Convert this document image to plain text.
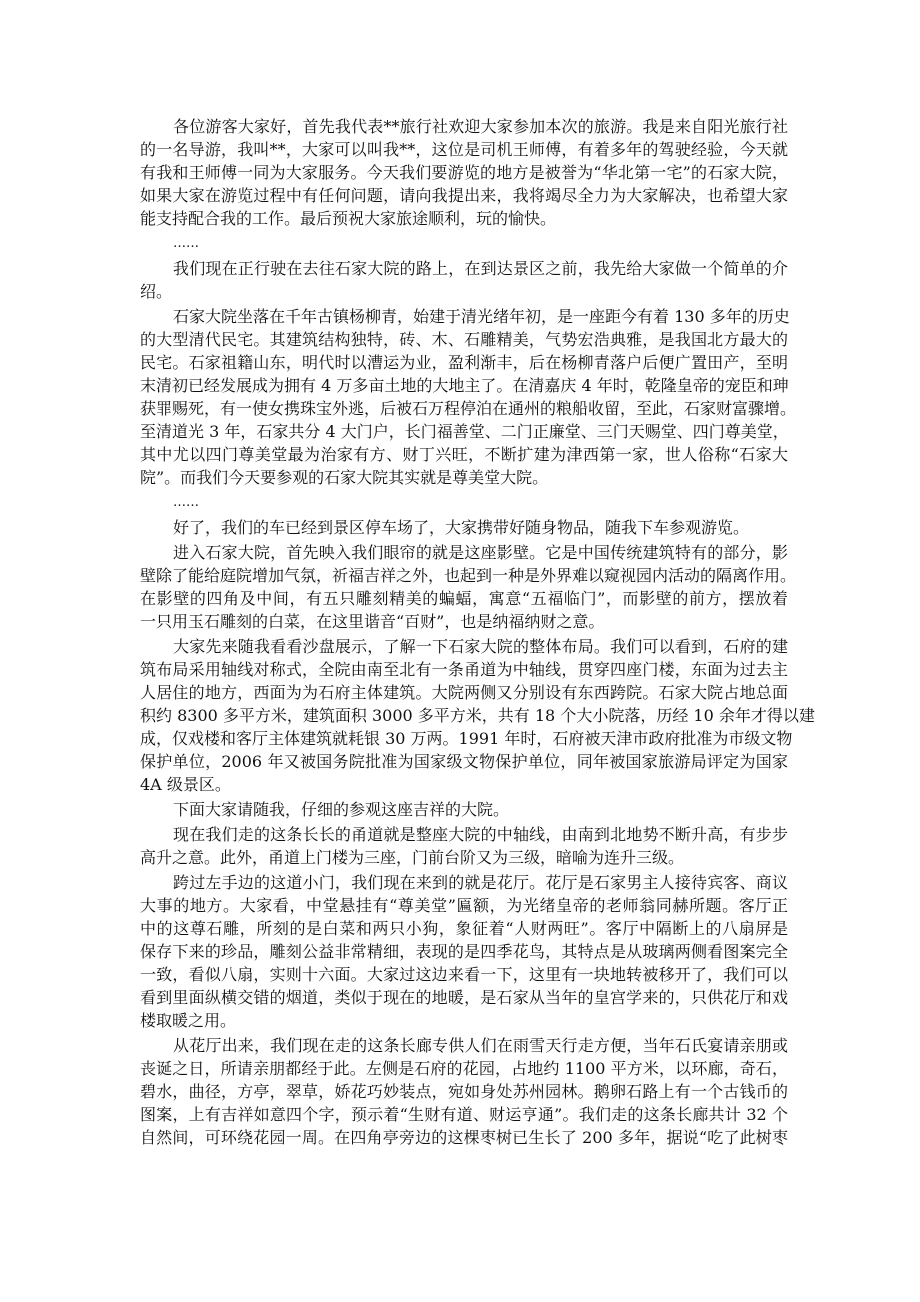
各位游客大家好，首先我代表**旅行社欢迎大家参加本次的旅游。我是来自阳光旅行社
的一名导游，我叫**，大家可以叫我**，这位是司机王师傅，有着多年的驾驶经验，今天就
有我和王师傅一同为大家服务。今天我们要游览的地方是被誉为“华北第一宅”的石家大院，
如果大家在游览过程中有任何问题，请向我提出来，我将竭尽全力为大家解决，也希望大家
能支持配合我的工作。最后预祝大家旅途顺利，玩的愉快。
……
我们现在正行驶在去往石家大院的路上，在到达景区之前，我先给大家做一个简单的介
绍。
石家大院坐落在千年古镇杨柳青，始建于清光绪年初，是一座距今有着 130 多年的历史
的大型清代民宅。其建筑结构独特，砖、木、石雕精美，气势宏浩典雅，是我国北方最大的
民宅。石家祖籍山东，明代时以漕运为业，盈利渐丰，后在杨柳青落户后便广置田产，至明
末清初已经发展成为拥有 4 万多亩土地的大地主了。在清嘉庆 4 年时，乾隆皇帝的宠臣和珅
获罪赐死，有一使女携珠宝外逃，后被石万程停泊在通州的粮船收留，至此，石家财富骤增。
至清道光 3 年，石家共分 4 大门户，长门福善堂、二门正廉堂、三门天赐堂、四门尊美堂，
其中尤以四门尊美堂最为治家有方、财丁兴旺，不断扩建为津西第一家，世人俗称“石家大
院”。而我们今天要参观的石家大院其实就是尊美堂大院。
……
好了，我们的车已经到景区停车场了，大家携带好随身物品，随我下车参观游览。
进入石家大院，首先映入我们眼帘的就是这座影壁。它是中国传统建筑特有的部分，影
壁除了能给庭院增加气氛，祈福吉祥之外，也起到一种是外界难以窥视园内活动的隔离作用。
在影壁的四角及中间，有五只雕刻精美的蝙蝠，寓意“五福临门”，而影壁的前方，摆放着
一只用玉石雕刻的白菜，在这里谐音“百财”，也是纳福纳财之意。
大家先来随我看看沙盘展示，了解一下石家大院的整体布局。我们可以看到，石府的建
筑布局采用轴线对称式，全院由南至北有一条甬道为中轴线，贯穿四座门楼，东面为过去主
人居住的地方，西面为为石府主体建筑。大院两侧又分别设有东西跨院。石家大院占地总面
积约 8300 多平方米，建筑面积 3000 多平方米，共有 18 个大小院落，历经 10 余年才得以建
成，仅戏楼和客厅主体建筑就耗银 30 万两。1991 年时，石府被天津市政府批准为市级文物
保护单位，2006 年又被国务院批准为国家级文物保护单位，同年被国家旅游局评定为国家
4A 级景区。
下面大家请随我，仔细的参观这座吉祥的大院。
现在我们走的这条长长的甬道就是整座大院的中轴线，由南到北地势不断升高，有步步
高升之意。此外，甬道上门楼为三座，门前台阶又为三级，暗喻为连升三级。
跨过左手边的这道小门，我们现在来到的就是花厅。花厅是石家男主人接待宾客、商议
大事的地方。大家看，中堂悬挂有“尊美堂”匾额，为光绪皇帝的老师翁同赫所题。客厅正
中的这尊石雕，所刻的是白菜和两只小狗，象征着“人财两旺”。客厅中隔断上的八扇屏是
保存下来的珍品，雕刻公益非常精细，表现的是四季花鸟，其特点是从玻璃两侧看图案完全
一致，看似八扇，实则十六面。大家过这边来看一下，这里有一块地转被移开了，我们可以
看到里面纵横交错的烟道，类似于现在的地暖，是石家从当年的皇宫学来的，只供花厅和戏
楼取暖之用。
从花厅出来，我们现在走的这条长廊专供人们在雨雪天行走方便，当年石氏宴请亲朋或
丧诞之日，所请亲朋都经于此。左侧是石府的花园，占地约 1100 平方米，以环廊，奇石，
碧水，曲径，方亭，翠草，娇花巧妙装点，宛如身处苏州园林。鹅卵石路上有一个古钱币的
图案，上有吉祥如意四个字，预示着“生财有道、财运亨通”。我们走的这条长廊共计 32 个
自然间，可环绕花园一周。在四角亭旁边的这棵枣树已生长了 200 多年，据说“吃了此树枣
